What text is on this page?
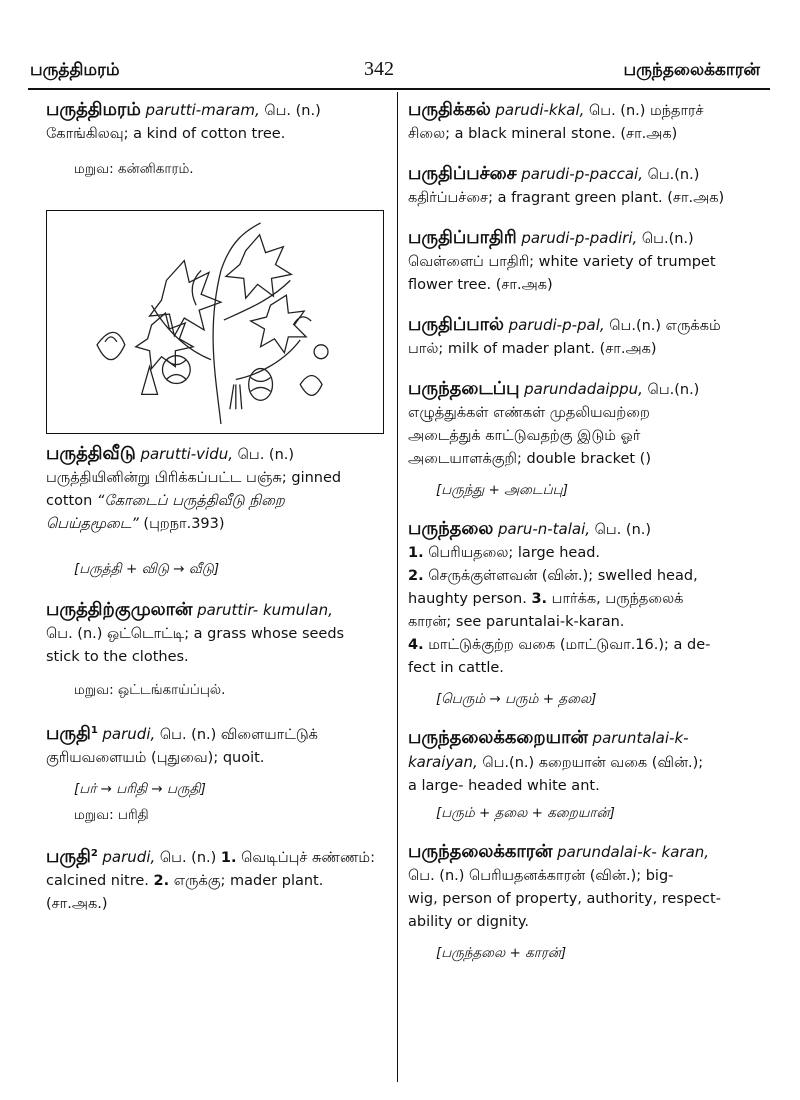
பருத்திமரம்	342	பருந்தலைக்காரன்

பருத்திமரம் parutti-maram, பெ. (n.)

கோங்கிலவு; a kind of cotton tree.

மறுவ: கன்னிகாரம்.

பருத்திவீடு parutti-vidu, பெ. (n.)

பருத்தியினின்று பிரிக்கப்பட்ட பஞ்சு; ginned

cotton “கோடைப் பருத்திவீடு நிறை

பெய்தமூடை” (புறநா.393)

[பருத்தி + விடு → வீடு]

பருத்திற்குமுலான் paruttir- kumulan,

பெ. (n.) ஒட்டொட்டி; a grass whose seeds

stick to the clothes.

மறுவ: ஒட்டங்காய்ப்புல்.

பருதி$^1$ parudi, பெ. (n.) விளையாட்டுக்

குரியவளையம் (புதுவை); quoit.

[பர் → பரிதி → பருதி]

மறுவ: பரிதி

பருதி$^2$ parudi, பெ. (n.) 1. வெடிப்புச் சுண்ணம்:

calcined nitre. 2. எருக்கு; mader plant.

(சா.அக.)

பருதிக்கல் parudi-kkal, பெ. (n.) மந்தாரச்

சிலை; a black mineral stone. (சா.அக)

பருதிப்பச்சை parudi-p-paccai, பெ.(n.)

கதிர்ப்பச்சை; a fragrant green plant. (சா.அக)

பருதிப்பாதிரி parudi-p-padiri, பெ.(n.)

வெள்ளைப் பாதிரி; white variety of trumpet

flower tree. (சா.அக)

பருதிப்பால் parudi-p-pal, பெ.(n.) எருக்கம்

பால்; milk of mader plant. (சா.அக)

பருந்தடைப்பு parundadaippu, பெ.(n.)

எழுத்துக்கள் எண்கள் முதலியவற்றை

அடைத்துக் காட்டுவதற்கு இடும் ஓர்

அடையாளக்குறி; double bracket ()

[பருந்து + அடைப்பு]

பருந்தலை paru-n-talai, பெ. (n.)

1. பெரியதலை; large head.

2. செருக்குள்ளவன் (வின்.); swelled head,

haughty person. 3. பார்க்க, பருந்தலைக்

காரன்; see paruntalai-k-karan.

4. மாட்டுக்குற்ற வகை (மாட்டுவா.16.); a de-

fect in cattle.

[பெரும் → பரும் + தலை]

பருந்தலைக்கறையான் paruntalai-k-

karaiyan, பெ.(n.) கறையான் வகை (வின்.);

a large- headed white ant.

[பரும் + தலை + கறையான்]

பருந்தலைக்காரன் parundalai-k- karan,

பெ. (n.) பெரியதனக்காரன் (வின்.); big-

wig, person of property, authority, respect-

ability or dignity.

[பருந்தலை + காரன்]
